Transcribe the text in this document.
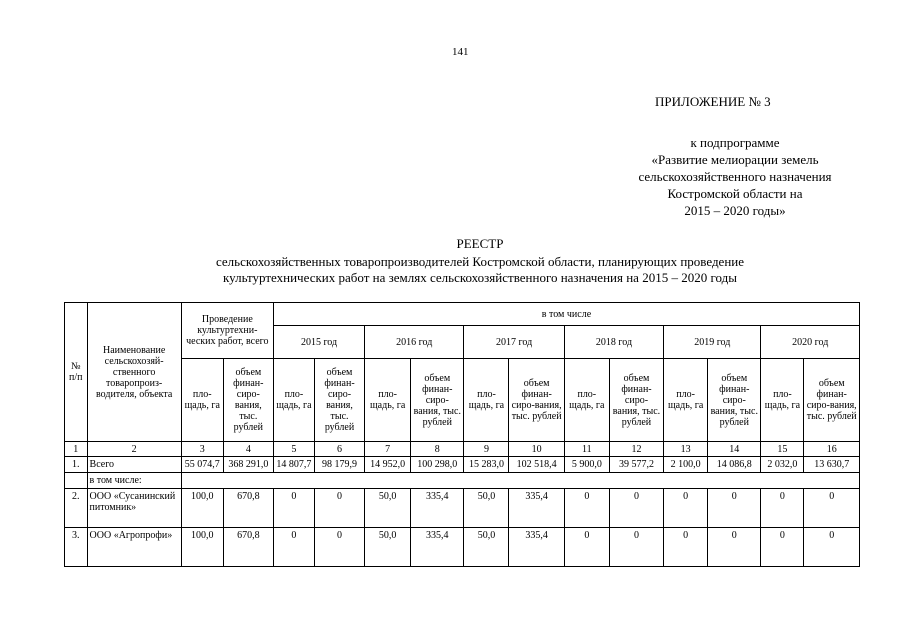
141
ПРИЛОЖЕНИЕ № 3
к подпрограмме
«Развитие мелиорации земель
сельскохозяйственного назначения
Костромской области на
2015 – 2020 годы»
РЕЕСТР
сельскохозяйственных товаропроизводителей Костромской области, планирующих проведение
культуртехнических работ на землях сельскохозяйственного назначения на 2015 – 2020 годы
№ п/п	Наименование сельскохозяй-ственного товаропроиз-водителя, объекта	Проведение культуртехни-ческих работ, всего		в том числе											
				2015 год		2016 год		2017 год		2018 год		2019 год		2020 год	
		пло-щадь, га	объем финан-сиро-вания, тыс. рублей	пло-щадь, га	объем финан-сиро-вания, тыс. рублей	пло-щадь, га	объем финан-сиро-вания, тыс. рублей	пло-щадь, га	объем финан-сиро-вания, тыс. рублей	пло-щадь, га	объем финан-сиро-вания, тыс. рублей	пло-щадь, га	объем финан-сиро-вания, тыс. рублей	пло-щадь, га	объем финан-сиро-вания, тыс. рублей
1	2	3	4	5	6	7	8	9	10	11	12	13	14	15	16
1.	Всего	55 074,7	368 291,0	14 807,7	98 179,9	14 952,0	100 298,0	15 283,0	102 518,4	5 900,0	39 577,2	2 100,0	14 086,8	2 032,0	13 630,7
	в том числе:														
2.	ООО «Сусанинский питомник»	100,0	670,8	0	0	50,0	335,4	50,0	335,4	0	0	0	0	0	0
3.	ООО «Агропрофи»	100,0	670,8	0	0	50,0	335,4	50,0	335,4	0	0	0	0	0	0
